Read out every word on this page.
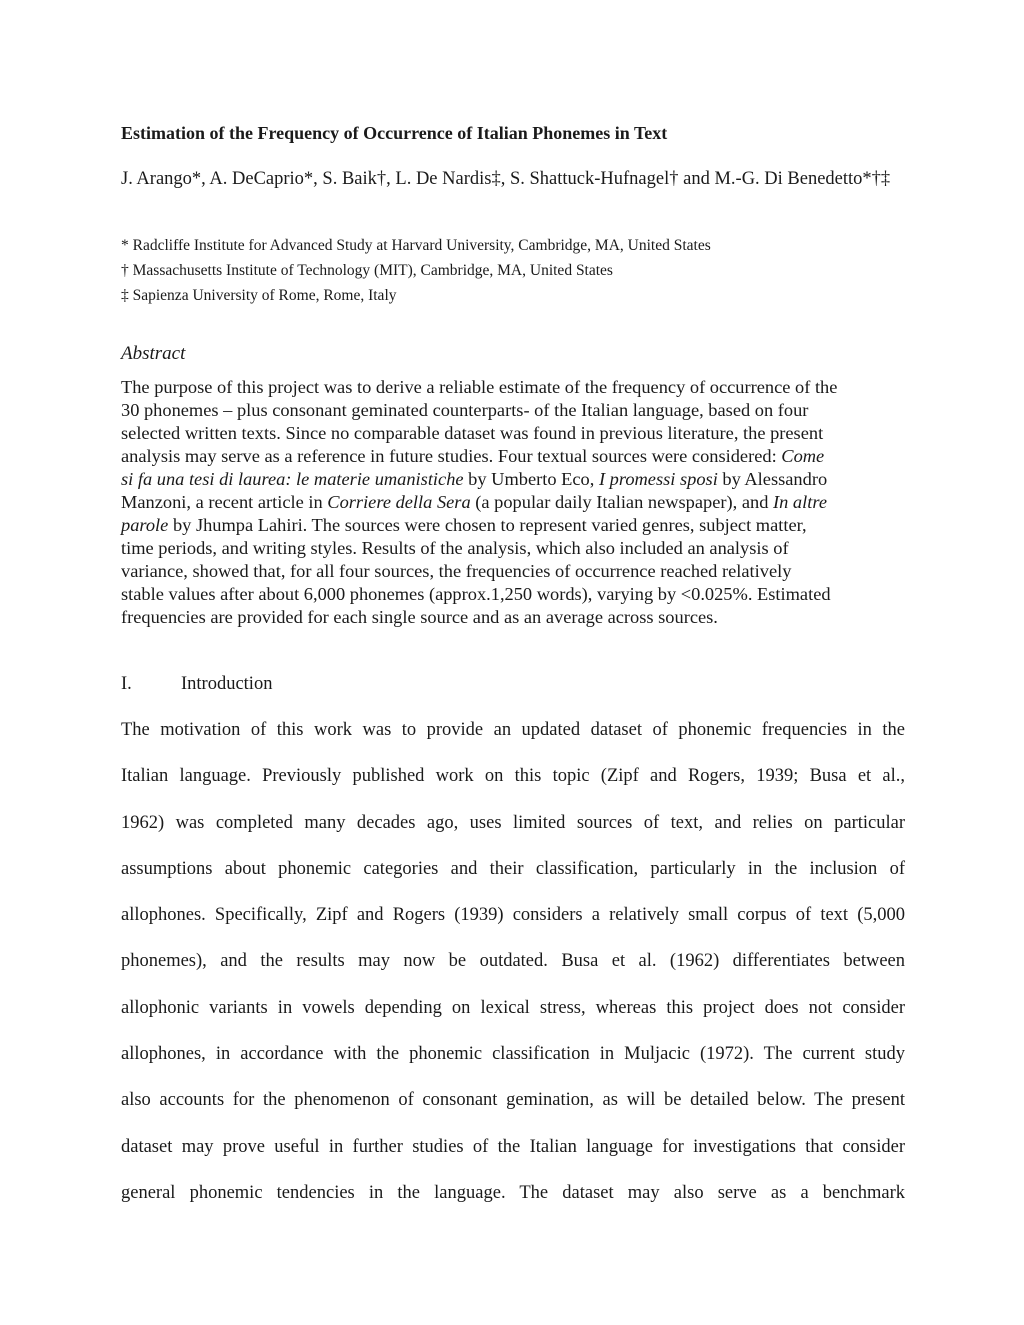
Estimation of the Frequency of Occurrence of Italian Phonemes in Text
J. Arango*, A. DeCaprio*, S. Baik†, L. De Nardis‡, S. Shattuck-Hufnagel† and M.-G. Di Benedetto*†‡
* Radcliffe Institute for Advanced Study at Harvard University, Cambridge, MA, United States
† Massachusetts Institute of Technology (MIT), Cambridge, MA, United States
‡ Sapienza University of Rome, Rome, Italy
Abstract
The purpose of this project was to derive a reliable estimate of the frequency of occurrence of the
30 phonemes – plus consonant geminated counterparts- of the Italian language, based on four
selected written texts. Since no comparable dataset was found in previous literature, the present
analysis may serve as a reference in future studies. Four textual sources were considered: Come
si fa una tesi di laurea: le materie umanistiche by Umberto Eco, I promessi sposi by Alessandro
Manzoni, a recent article in Corriere della Sera (a popular daily Italian newspaper), and In altre
parole by Jhumpa Lahiri. The sources were chosen to represent varied genres, subject matter,
time periods, and writing styles. Results of the analysis, which also included an analysis of
variance, showed that, for all four sources, the frequencies of occurrence reached relatively
stable values after about 6,000 phonemes (approx.1,250 words), varying by <0.025%. Estimated
frequencies are provided for each single source and as an average across sources.
I.	Introduction
The motivation of this work was to provide an updated dataset of phonemic frequencies in the
Italian language. Previously published work on this topic (Zipf and Rogers, 1939; Busa et al.,
1962) was completed many decades ago, uses limited sources of text, and relies on particular
assumptions about phonemic categories and their classification, particularly in the inclusion of
allophones. Specifically, Zipf and Rogers (1939) considers a relatively small corpus of text (5,000
phonemes), and the results may now be outdated. Busa et al. (1962) differentiates between
allophonic variants in vowels depending on lexical stress, whereas this project does not consider
allophones, in accordance with the phonemic classification in Muljacic (1972). The current study
also accounts for the phenomenon of consonant gemination, as will be detailed below. The present
dataset may prove useful in further studies of the Italian language for investigations that consider
general phonemic tendencies in the language. The dataset may also serve as a benchmark
